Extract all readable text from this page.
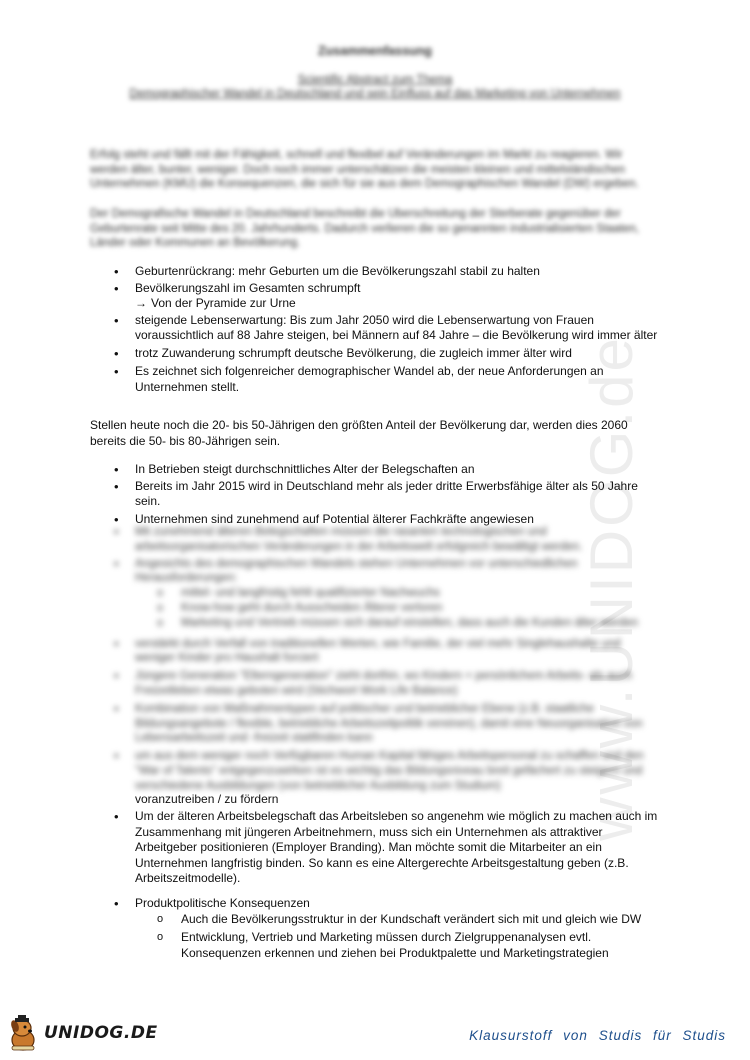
www.UNIDOG.de
Zusammenfassung
Scientific Abstract zum Thema
Demographischer Wandel in Deutschland und sein Einfluss auf das Marketing von Unternehmen
Erfolg steht und fällt mit der Fähigkeit, schnell und flexibel auf Veränderungen im Markt zu reagieren. Wir werden älter, bunter, weniger. Doch noch immer unterschätzen die meisten kleinen und mittelständischen Unternehmen (KMU) die Konsequenzen, die sich für sie aus dem Demographischen Wandel (DW) ergeben.
Der Demografische Wandel in Deutschland beschreibt die Überschreitung der Sterberate gegenüber der Geburtenrate seit Mitte des 20. Jahrhunderts. Dadurch verlieren die so genannten industrialisierten Staaten, Länder oder Kommunen an Bevölkerung.
• Geburtenrückrang: mehr Geburten um die Bevölkerungszahl stabil zu halten
• Bevölkerungszahl im Gesamten schrumpft
→ Von der Pyramide zur Urne
• steigende Lebenserwartung: Bis zum Jahr 2050 wird die Lebenserwartung von Frauen voraussichtlich auf 88 Jahre steigen, bei Männern auf 84 Jahre – die Bevölkerung wird immer älter
• trotz Zuwanderung schrumpft deutsche Bevölkerung, die zugleich immer älter wird
• Es zeichnet sich folgenreicher demographischer Wandel ab, der neue Anforderungen an Unternehmen stellt.
Stellen heute noch die 20- bis 50-Jährigen den größten Anteil der Bevölkerung dar, werden dies 2060 bereits die 50- bis 80-Jährigen sein.
• In Betrieben steigt durchschnittliches Alter der Belegschaften an
• Bereits im Jahr 2015 wird in Deutschland mehr als jeder dritte Erwerbsfähige älter als 50 Jahre sein.
• Unternehmen sind zunehmend auf Potential älterer Fachkräfte angewiesen
• Mit zunehmend älteren Belegschaften müssen die rasanten technologischen und arbeitsorganisatorischen Veränderungen in der Arbeitswelt erfolgreich bewältigt werden.
• Angesichts des demographischen Wandels stehen Unternehmen vor unterschiedlichen Herausforderungen:
o mittel- und langfristig fehlt qualifizierter Nachwuchs
o Know-how geht durch Ausscheiden Älterer verloren
o Marketing und Vertrieb müssen sich darauf einstellen, dass auch die Kunden älter werden
• verstärkt durch Verfall von traditionellen Werten, wie Familie, der viel mehr Singlehaushalte und weniger Kinder pro Haushalt forciert
• Jüngere Generation "Elterngeneration" zieht dorthin, wo Kindern + persönlichem Arbeits- als auch Freizeitleben etwas geboten wird (Stichwort Work Life Balance)
• Kombination von Maßnahmentypen auf politischer und betrieblicher Ebene (z.B. staatliche Bildungsangebote / flexible, betriebliche Arbeitszeitpolitik vereinen), damit eine Neuorganisation von Lebensarbeitszeit und -freizeit stattfinden kann
• um aus dem weniger noch Verfügbaren Human Kapital fähiges Arbeitspersonal zu schaffen und den "War of Talents" entgegenzuwirken ist es wichtig das Bildungsniveau breit gefächert zu steigern und verschiedene Ausbildungen (von betrieblicher Ausbildung zum Studium)
voranzutreiben / zu fördern
• Um der älteren Arbeitsbelegschaft das Arbeitsleben so angenehm wie möglich zu machen auch im Zusammenhang mit jüngeren Arbeitnehmern, muss sich ein Unternehmen als attraktiver Arbeitgeber positionieren (Employer Branding). Man möchte somit die Mitarbeiter an ein Unternehmen langfristig binden. So kann es eine Altergerechte Arbeitsgestaltung geben (z.B. Arbeitszeitmodelle).
• Produktpolitische Konsequenzen
o Auch die Bevölkerungsstruktur in der Kundschaft verändert sich mit und gleich wie DW
o Entwicklung, Vertrieb und Marketing müssen durch Zielgruppenanalysen evtl. Konsequenzen erkennen und ziehen bei Produktpalette und Marketingstrategien
UNIDOG.DE	Klausurstoff von Studis für Studis
